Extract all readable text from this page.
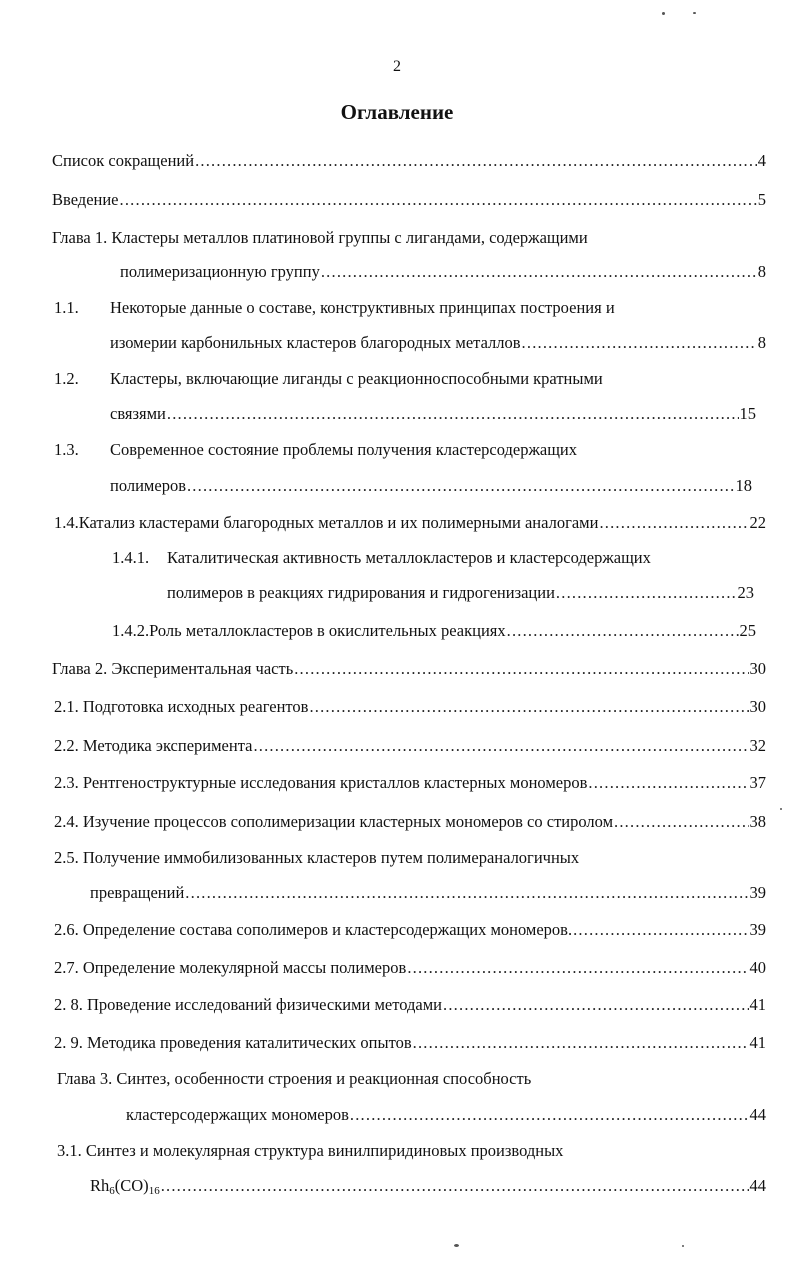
2
Оглавление
Список сокращений .....	4
Введение .....	5
Глава 1. Кластеры металлов платиновой группы с лигандами, содержащими
полимеризационную группу .....	8
1.1.	Некоторые данные о составе, конструктивных принципах построения и
изомерии карбонильных кластеров благородных металлов .....	8
1.2.	Кластеры, включающие лиганды с реакционноспособными кратными
связями .....	15
1.3.	Современное состояние проблемы получения кластерсодержащих
полимеров .....	18
1.4. Катализ кластерами благородных металлов и их полимерными аналогами .....	22
1.4.1.	Каталитическая активность металлокластеров и кластерсодержащих
полимеров в реакциях гидрирования и гидрогенизации .....	23
1.4.2. Роль металлокластеров в окислительных реакциях .....	25
Глава 2. Экспериментальная часть .....	30
2.1. Подготовка исходных реагентов .....	30
2.2. Методика эксперимента .....	32
2.3. Рентгеноструктурные исследования кристаллов кластерных мономеров .....	37
2.4. Изучение процессов сополимеризации кластерных мономеров со стиролом .....	38
2.5. Получение иммобилизованных кластеров путем полимераналогичных
превращений .....	39
2.6. Определение состава сополимеров и кластерсодержащих мономеров. .....	39
2.7. Определение молекулярной массы полимеров .....	40
2. 8. Проведение исследований физическими методами .....	41
2. 9. Методика проведения каталитических опытов .....	41
Глава 3. Синтез, особенности строения и реакционная способность
кластерсодержащих мономеров .....	44
3.1. Синтез и молекулярная структура винилпиридиновых производных
$Rh_6(CO)_{16}$ .....	44
